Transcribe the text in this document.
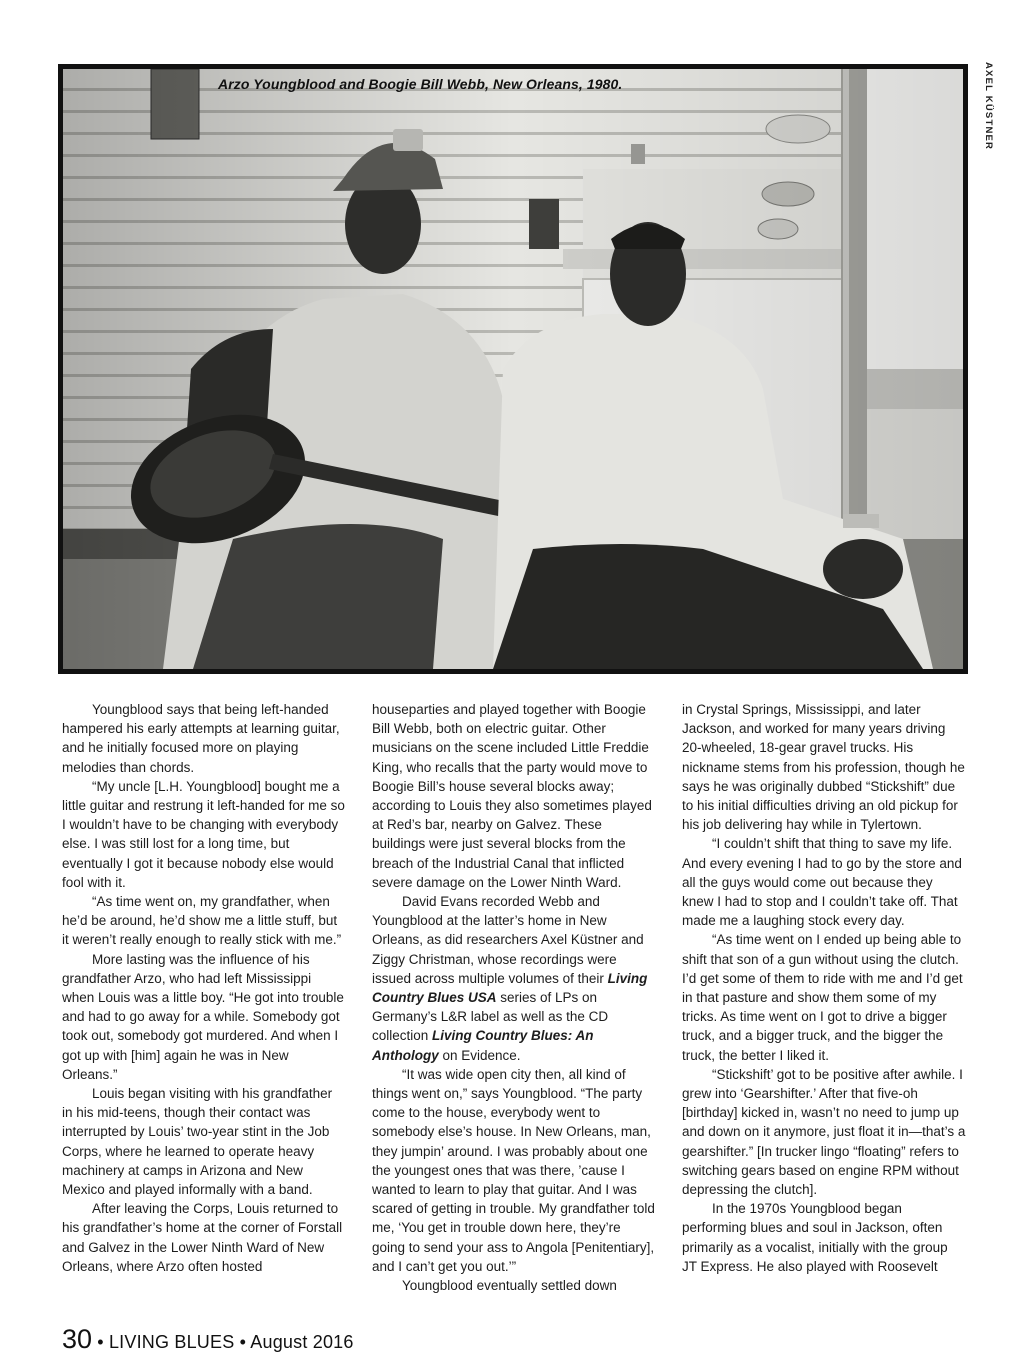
Arzo Youngblood and Boogie Bill Webb, New Orleans, 1980.	AXEL KÜSTNER

Youngblood says that being left-handed hampered his early attempts at learning guitar, and he initially focused more on playing melodies than chords.

“My uncle [L.H. Youngblood] bought me a little guitar and restrung it left-handed for me so I wouldn’t have to be changing with everybody else. I was still lost for a long time, but eventually I got it because nobody else would fool with it.

“As time went on, my grandfather, when he’d be around, he’d show me a little stuff, but it weren’t really enough to really stick with me.”

More lasting was the influence of his grandfather Arzo, who had left Mississippi when Louis was a little boy. “He got into trouble and had to go away for a while. Somebody got took out, somebody got murdered. And when I got up with [him] again he was in New Orleans.”

Louis began visiting with his grandfather in his mid-teens, though their contact was interrupted by Louis’ two-year stint in the Job Corps, where he learned to operate heavy machinery at camps in Arizona and New Mexico and played informally with a band.

After leaving the Corps, Louis returned to his grandfather’s home at the corner of Forstall and Galvez in the Lower Ninth Ward of New Orleans, where Arzo often hosted

houseparties and played together with Boogie Bill Webb, both on electric guitar. Other musicians on the scene included Little Freddie King, who recalls that the party would move to Boogie Bill’s house several blocks away; according to Louis they also sometimes played at Red’s bar, nearby on Galvez. These buildings were just several blocks from the breach of the Industrial Canal that inflicted severe damage on the Lower Ninth Ward.

David Evans recorded Webb and Youngblood at the latter’s home in New Orleans, as did researchers Axel Küstner and Ziggy Christman, whose recordings were issued across multiple volumes of their Living Country Blues USA series of LPs on Germany’s L&R label as well as the CD collection Living Country Blues: An Anthology on Evidence.

“It was wide open city then, all kind of things went on,” says Youngblood. “The party come to the house, everybody went to somebody else’s house. In New Orleans, man, they jumpin’ around. I was probably about one the youngest ones that was there, ’cause I wanted to learn to play that guitar. And I was scared of getting in trouble. My grandfather told me, ‘You get in trouble down here, they’re going to send your ass to Angola [Penitentiary], and I can’t get you out.’”

Youngblood eventually settled down

in Crystal Springs, Mississippi, and later Jackson, and worked for many years driving 20-wheeled, 18-gear gravel trucks. His nickname stems from his profession, though he says he was originally dubbed “Stickshift” due to his initial difficulties driving an old pickup for his job delivering hay while in Tylertown.

“I couldn’t shift that thing to save my life. And every evening I had to go by the store and all the guys would come out because they knew I had to stop and I couldn’t take off. That made me a laughing stock every day.

“As time went on I ended up being able to shift that son of a gun without using the clutch. I’d get some of them to ride with me and I’d get in that pasture and show them some of my tricks. As time went on I got to drive a bigger truck, and a bigger truck, and the bigger the truck, the better I liked it.

“Stickshift’ got to be positive after awhile. I grew into ‘Gearshifter.’ After that five-oh [birthday] kicked in, wasn’t no need to jump up and down on it anymore, just float it in—that’s a gearshifter.” [In trucker lingo “floating” refers to switching gears based on engine RPM without depressing the clutch].

In the 1970s Youngblood began performing blues and soul in Jackson, often primarily as a vocalist, initially with the group JT Express. He also played with Roosevelt

30 • LIVING BLUES • August 2016
